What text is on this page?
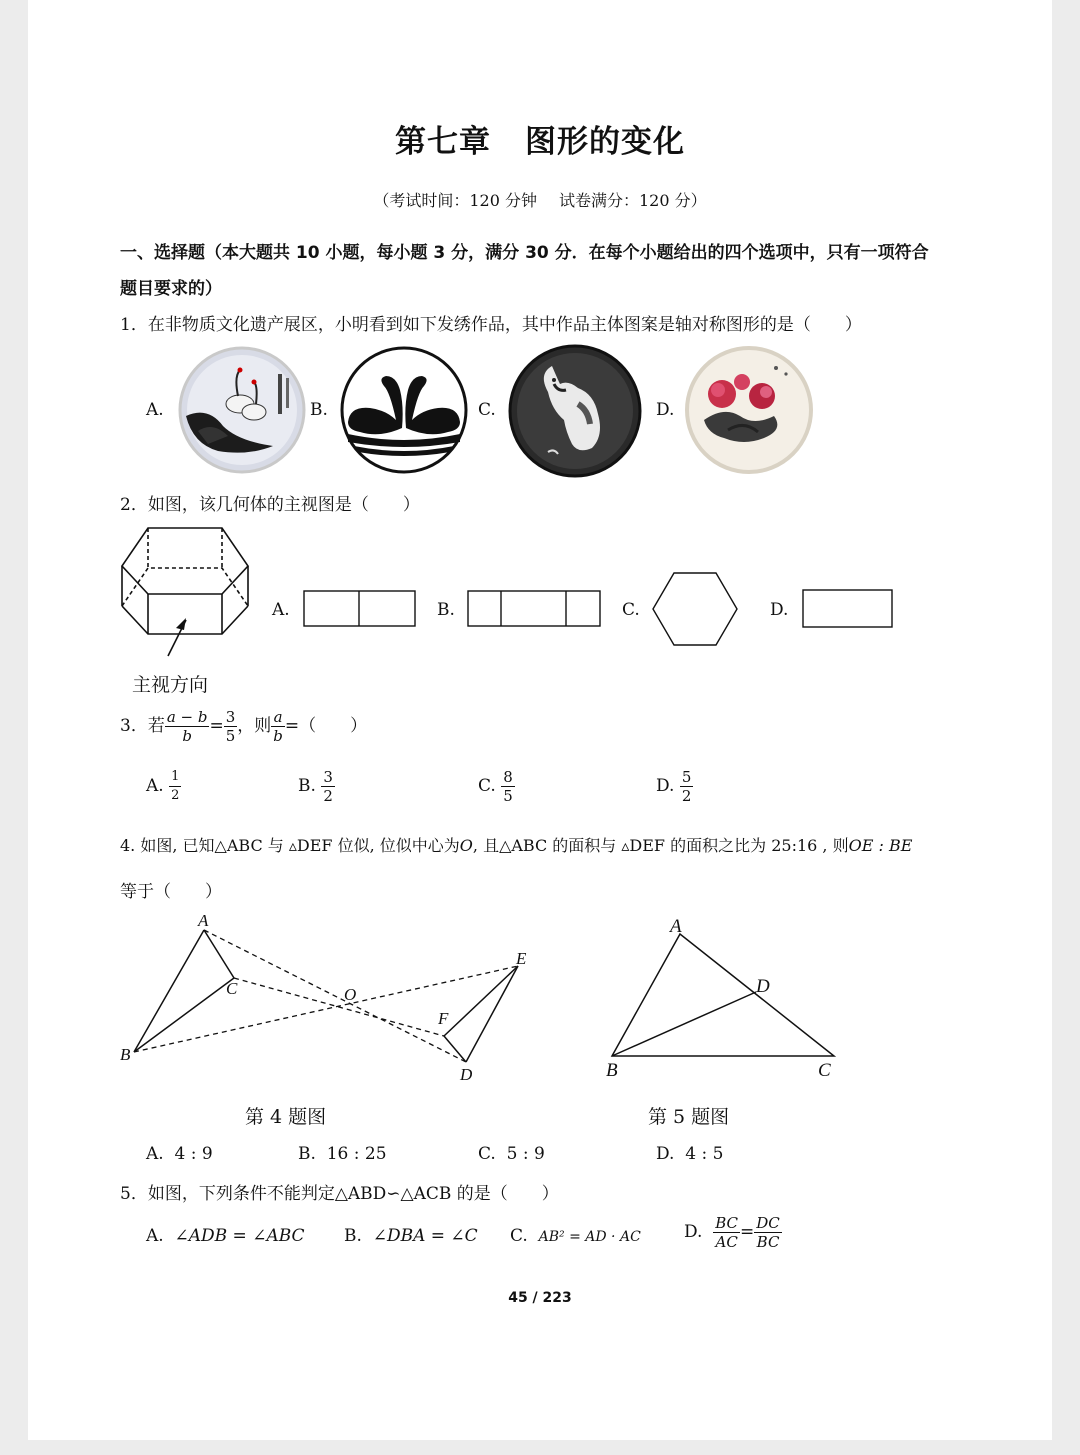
第七章 图形的变化
（考试时间：120 分钟 试卷满分：120 分）
一、选择题（本大题共 10 小题，每小题 3 分，满分 30 分．在每个小题给出的四个选项中，只有一项符合
题目要求的）
1．在非物质文化遗产展区，小明看到如下发绣作品，其中作品主体图案是轴对称图形的是（　　）
A.	B.	C.	D.
2．如图，该几何体的主视图是（　　）
主视方向
A.	B.	C.	D.
3．若 $\frac{a - b}{b} = \frac{3}{5}$ ，则 $\frac{a}{b}$ =（　　）
A. $\frac{1}{2}$	B. $\frac{3}{2}$	C. $\frac{8}{5}$	D. $\frac{5}{2}$
4. 如图, 已知△ABC 与 ▵DEF 位似, 位似中心为O, 且△ABC 的面积与 ▵DEF 的面积之比为 25:16 , 则OE : BE
等于（　　）
A
B
C	O
E
F
D
第 4 题图
A
D
B	C
第 5 题图
A. 4 : 9	B. 16 : 25	C. 5 : 9	D. 4 : 5
5．如图，下列条件不能判定△ABD∽△ACB 的是（　　）
A. ∠ADB = ∠ABC B. ∠DBA = ∠C C. AB² = AD · AC	D. $\frac{BC}{AC} = \frac{DC}{BC}$
45 / 223
